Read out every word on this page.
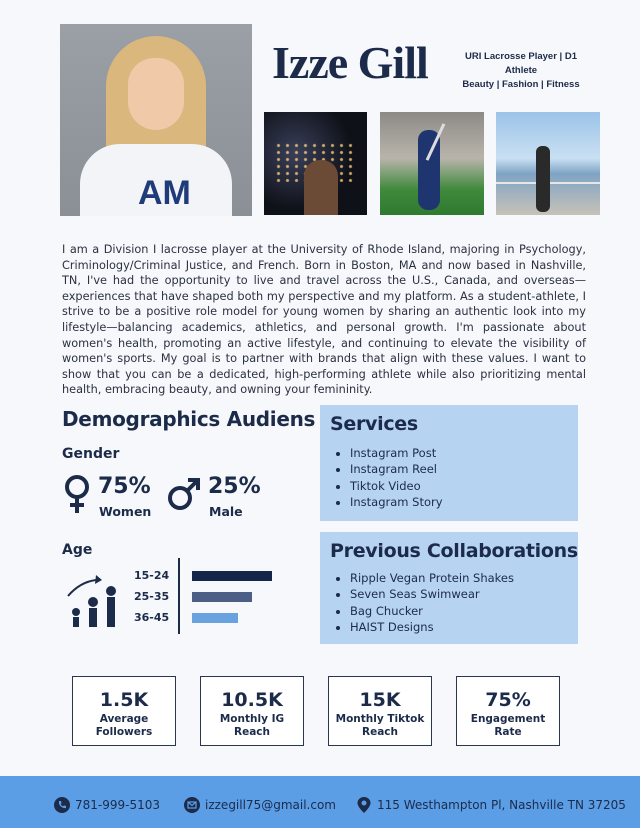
AM
Izze Gill	URI Lacrosse Player | D1 Athlete
Beauty | Fashion | Fitness

I am a Division I lacrosse player at the University of Rhode Island, majoring in Psychology, Criminology/Criminal Justice, and French. Born in Boston, MA and now based in Nashville, TN, I've had the opportunity to live and travel across the U.S., Canada, and overseas—experiences that have shaped both my perspective and my platform. As a student-athlete, I strive to be a positive role model for young women by sharing an authentic look into my lifestyle—balancing academics, athletics, and personal growth. I'm passionate about women's health, promoting an active lifestyle, and continuing to elevate the visibility of women's sports. My goal is to partner with brands that align with these values. I want to show that you can be a dedicated, high-performing athlete while also prioritizing mental health, embracing beauty, and owning your femininity.

Demographics Audiens
Gender
75%
Women
25%
Male
Age
15-24
25-35
36-45
Services
• Instagram Post
• Instagram Reel
• Tiktok Video
• Instagram Story
Previous Collaborations
• Ripple Vegan Protein Shakes
• Seven Seas Swimwear
• Bag Chucker
• HAIST Designs
1.5K
Average
Followers
10.5K
Monthly IG
Reach
15K
Monthly Tiktok
Reach
75%
Engagement
Rate
781-999-5103	izzegill75@gmail.com	115 Westhampton Pl, Nashville TN 37205
